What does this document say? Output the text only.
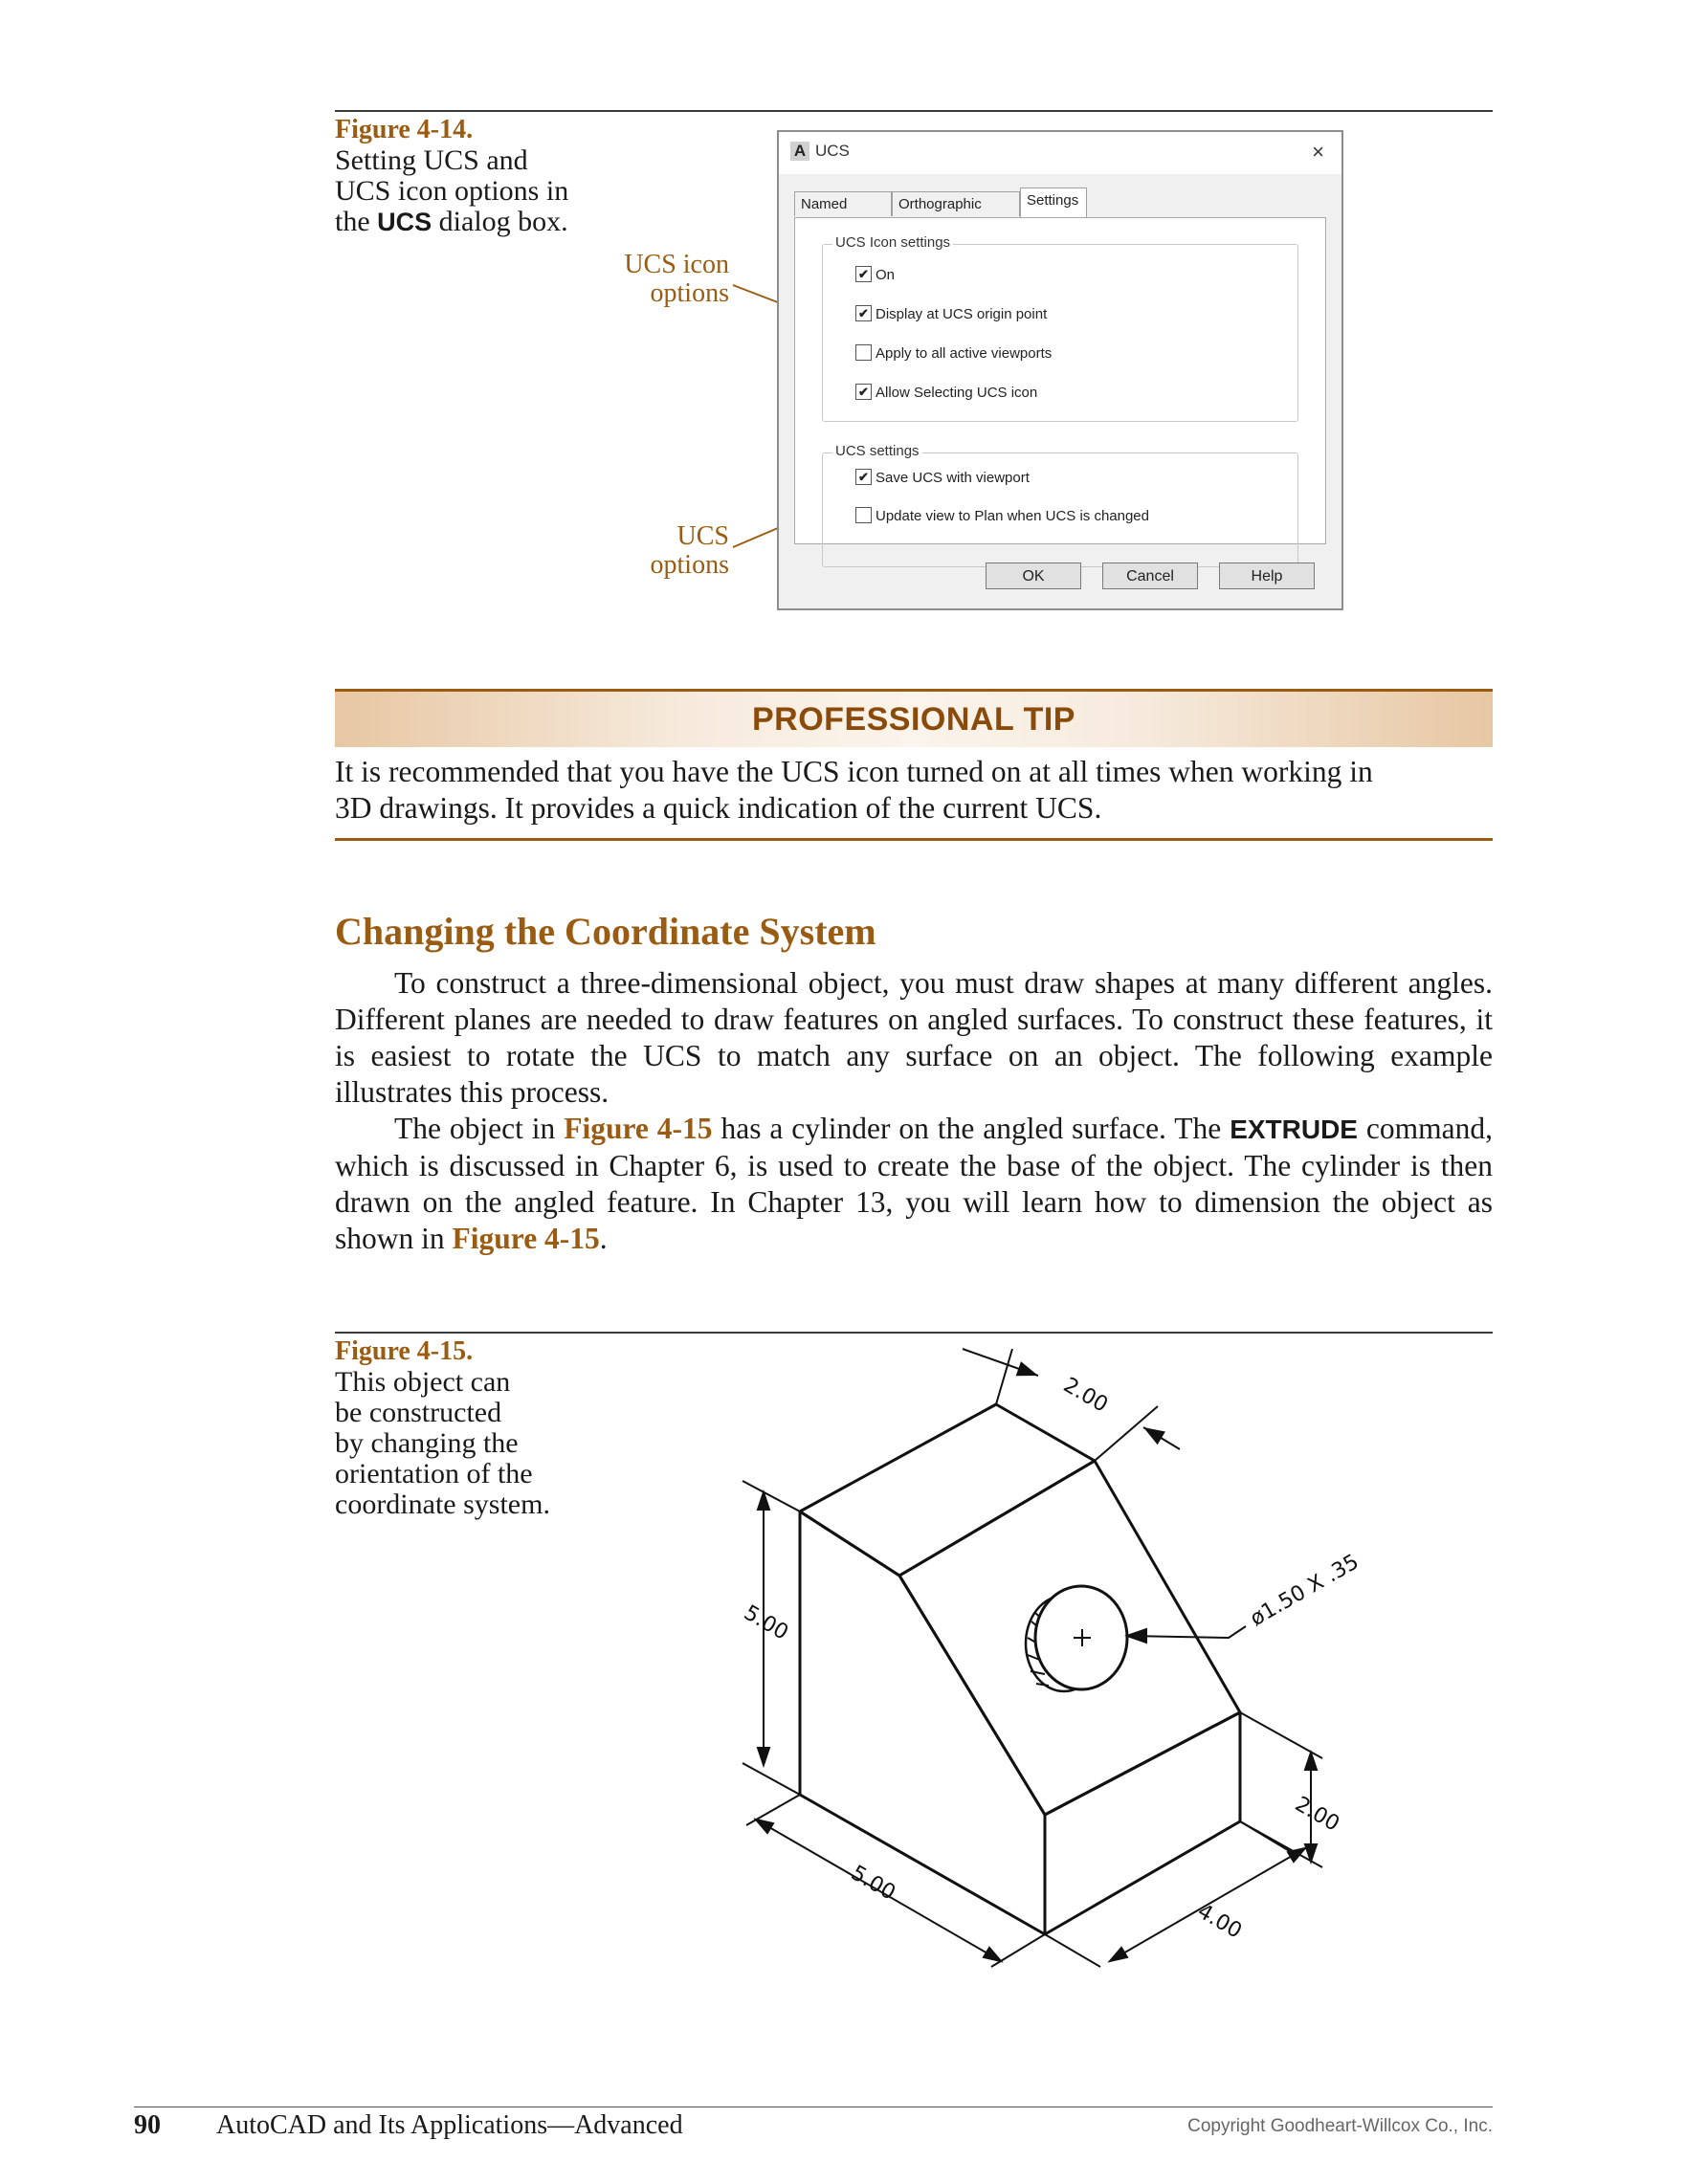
Figure 4-14.
Setting UCS and
UCS icon options in
the UCS dialog box.
UCS icon
options
UCS
options
A UCS	×
Named	Orthographic	Settings
UCS Icon settings
✔ On
✔ Display at UCS origin point
Apply to all active viewports
✔ Allow Selecting UCS icon
UCS settings
✔ Save UCS with viewport
Update view to Plan when UCS is changed
OK	Cancel	Help
PROFESSIONAL TIP
It is recommended that you have the UCS icon turned on at all times when working in
3D drawings. It provides a quick indication of the current UCS.
Changing the Coordinate System

To construct a three-dimensional object, you must draw shapes at many different angles. Different planes are needed to draw features on angled surfaces. To construct these features, it is easiest to rotate the UCS to match any surface on an object. The following example illustrates this process.

The object in Figure 4-15 has a cylinder on the angled surface. The EXTRUDE command, which is discussed in Chapter 6, is used to create the base of the object. The cylinder is then drawn on the angled feature. In Chapter 13, you will learn how to dimension the object as shown in Figure 4-15.

Figure 4-15.
This object can
be constructed
by changing the
orientation of the
coordinate system.
2.00
5.00
2.00
5.00
4.00
ø1.50 X .35
90 AutoCAD and Its Applications—Advanced	Copyright Goodheart-Willcox Co., Inc.
